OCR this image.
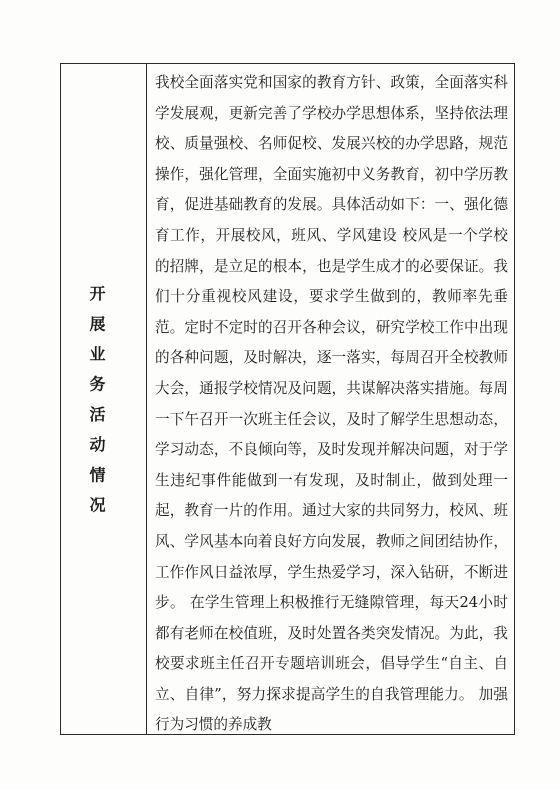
开展业务活动情况

我校全面落实党和国家的教育方针、政策，全面落实科学发展观，更新完善了学校办学思想体系，坚持依法理校、质量强校、名师促校、发展兴校的办学思路，规范操作，强化管理，全面实施初中义务教育，初中学历教育，促进基础教育的发展。具体活动如下：一、强化德育工作，开展校风，班风、学风建设 校风是一个学校的招牌，是立足的根本，也是学生成才的必要保证。我们十分重视校风建设，要求学生做到的，教师率先垂范。定时不定时的召开各种会议，研究学校工作中出现的各种问题，及时解决，逐一落实，每周召开全校教师大会，通报学校情况及问题，共谋解决落实措施。每周一下午召开一次班主任会议，及时了解学生思想动态，学习动态，不良倾向等，及时发现并解决问题，对于学生违纪事件能做到一有发现，及时制止，做到处理一起，教育一片的作用。通过大家的共同努力，校风、班风、学风基本向着良好方向发展，教师之间团结协作，工作作风日益浓厚，学生热爱学习，深入钻研，不断进步。 在学生管理上积极推行无缝隙管理，每天24小时都有老师在校值班，及时处置各类突发情况。为此，我校要求班主任召开专题培训班会，倡导学生“自主、自立、自律”，努力探求提高学生的自我管理能力。 加强行为习惯的养成教
